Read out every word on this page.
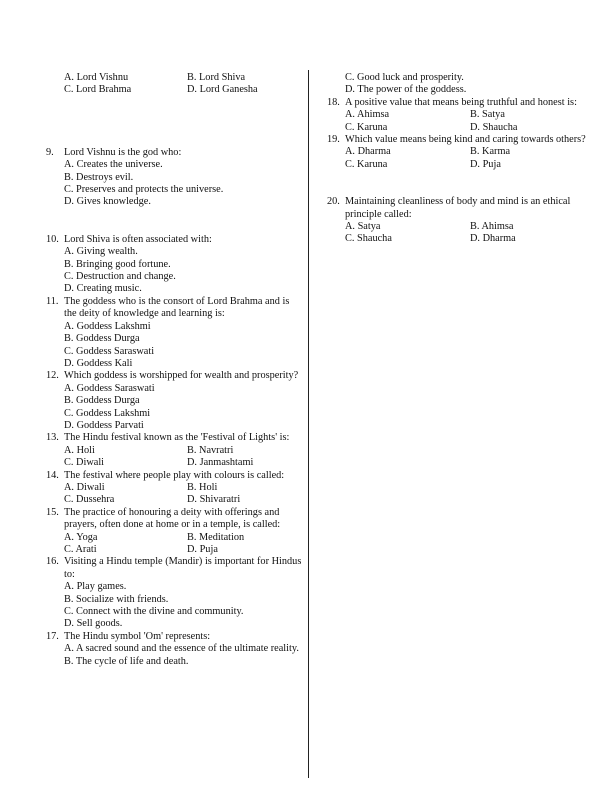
A. Lord Vishnu	B. Lord Shiva
C. Lord Brahma	D. Lord Ganesha
9. Lord Vishnu is the god who:
A. Creates the universe.
B. Destroys evil.
C. Preserves and protects the universe.
D. Gives knowledge.
10. Lord Shiva is often associated with:
A. Giving wealth.
B. Bringing good fortune.
C. Destruction and change.
D. Creating music.
11. The goddess who is the consort of Lord Brahma and is the deity of knowledge and learning is:
A. Goddess Lakshmi
B. Goddess Durga
C. Goddess Saraswati
D. Goddess Kali
12. Which goddess is worshipped for wealth and prosperity?
A. Goddess Saraswati
B. Goddess Durga
C. Goddess Lakshmi
D. Goddess Parvati
13. The Hindu festival known as the 'Festival of Lights' is:
A. Holi	B. Navratri
C. Diwali	D. Janmashtami
14. The festival where people play with colours is called:
A. Diwali	B. Holi
C. Dussehra	D. Shivaratri
15. The practice of honouring a deity with offerings and prayers, often done at home or in a temple, is called:
A. Yoga	B. Meditation
C. Arati	D. Puja
16. Visiting a Hindu temple (Mandir) is important for Hindus to:
A. Play games.
B. Socialize with friends.
C. Connect with the divine and community.
D. Sell goods.
17. The Hindu symbol 'Om' represents:
A. A sacred sound and the essence of the ultimate reality.
B. The cycle of life and death.
C. Good luck and prosperity.
D. The power of the goddess.
18. A positive value that means being truthful and honest is:
A. Ahimsa	B. Satya
C. Karuna	D. Shaucha
19. Which value means being kind and caring towards others?
A. Dharma	B. Karma
C. Karuna	D. Puja
20. Maintaining cleanliness of body and mind is an ethical principle called:
A. Satya	B. Ahimsa
C. Shaucha	D. Dharma
